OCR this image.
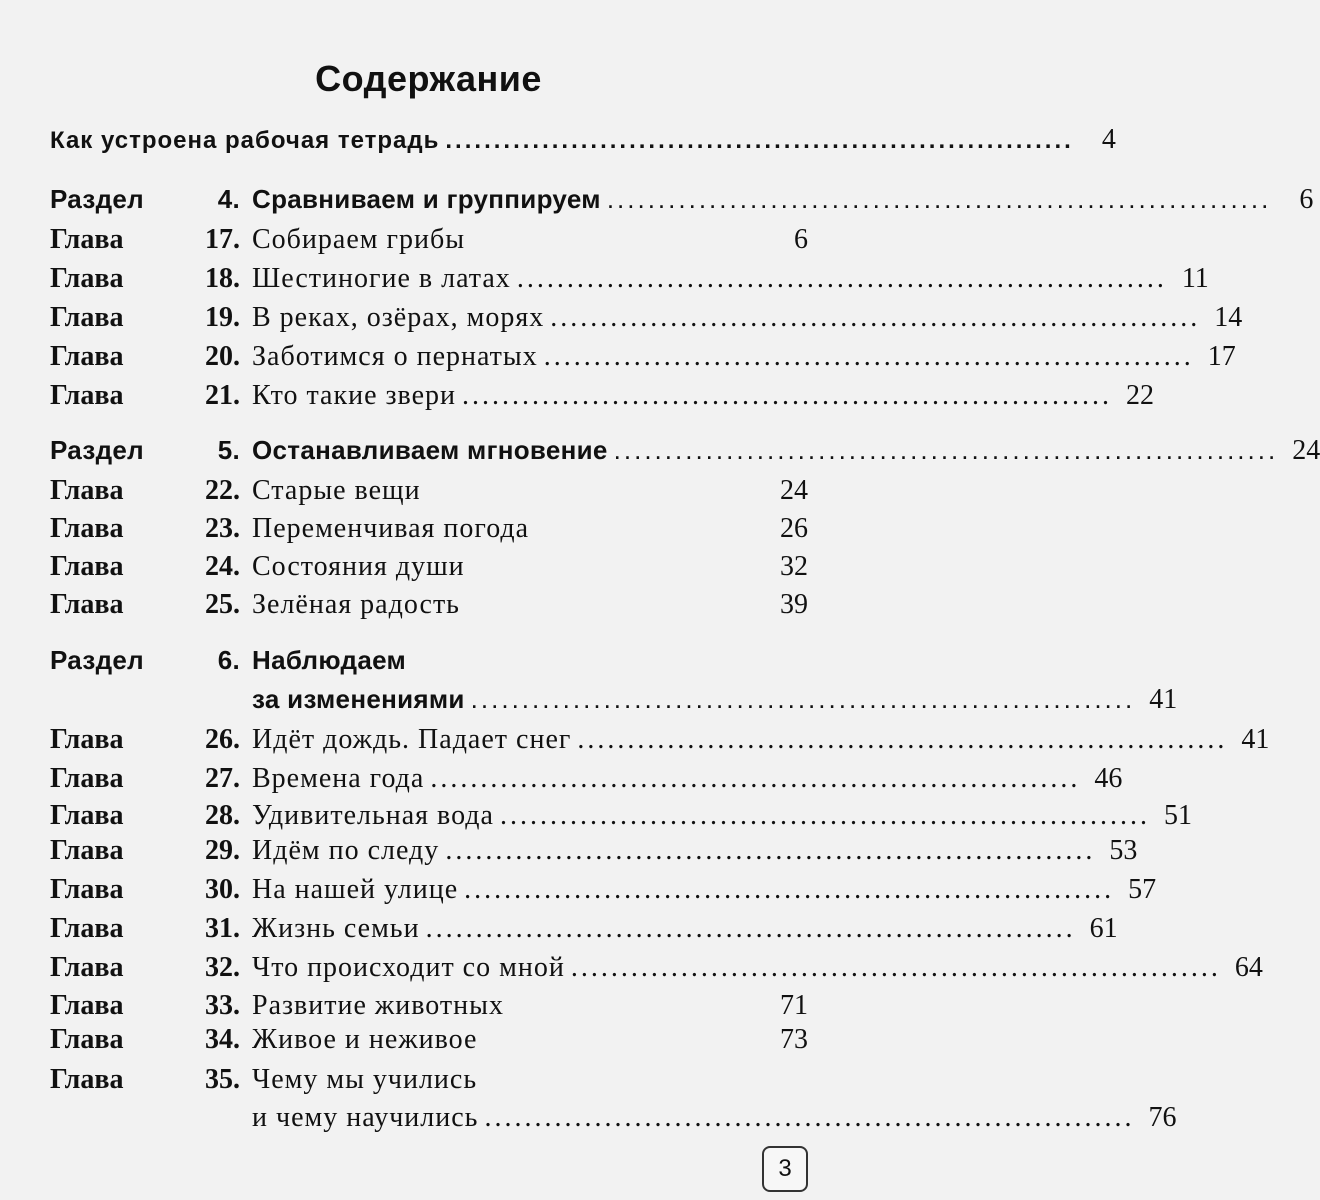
Содержание
Как устроена рабочая тетрадь .................................................................	4
Раздел	4. Сравниваем и группируем .................................................................	6
Глава	17. Собираем грибы	6
Глава	18. Шестиногие в латах ................................................................. 11
Глава	19. В реках, озёрах, морях ................................................................. 14
Глава	20. Заботимся о пернатых ................................................................. 17
Глава	21. Кто такие звери ................................................................. 22
Раздел	5. Останавливаем мгновение ................................................................. 24
Глава	22. Старые вещи	24
Глава	23. Переменчивая погода	26
Глава	24. Состояния души	32
Глава	25. Зелёная радость	39
Раздел	6. Наблюдаем
за изменениями ................................................................. 41
Глава	26. Идёт дождь. Падает снег ................................................................. 41
Глава	27. Времена года ................................................................. 46
Глава	28. Удивительная вода ................................................................. 51
Глава	29. Идём по следу ................................................................. 53
Глава	30. На нашей улице ................................................................. 57
Глава	31. Жизнь семьи ................................................................. 61
Глава	32. Что происходит со мной ................................................................. 64
Глава	33. Развитие животных	71
Глава	34. Живое и неживое	73
Глава	35. Чему мы учились
и чему научились ................................................................. 76
3
